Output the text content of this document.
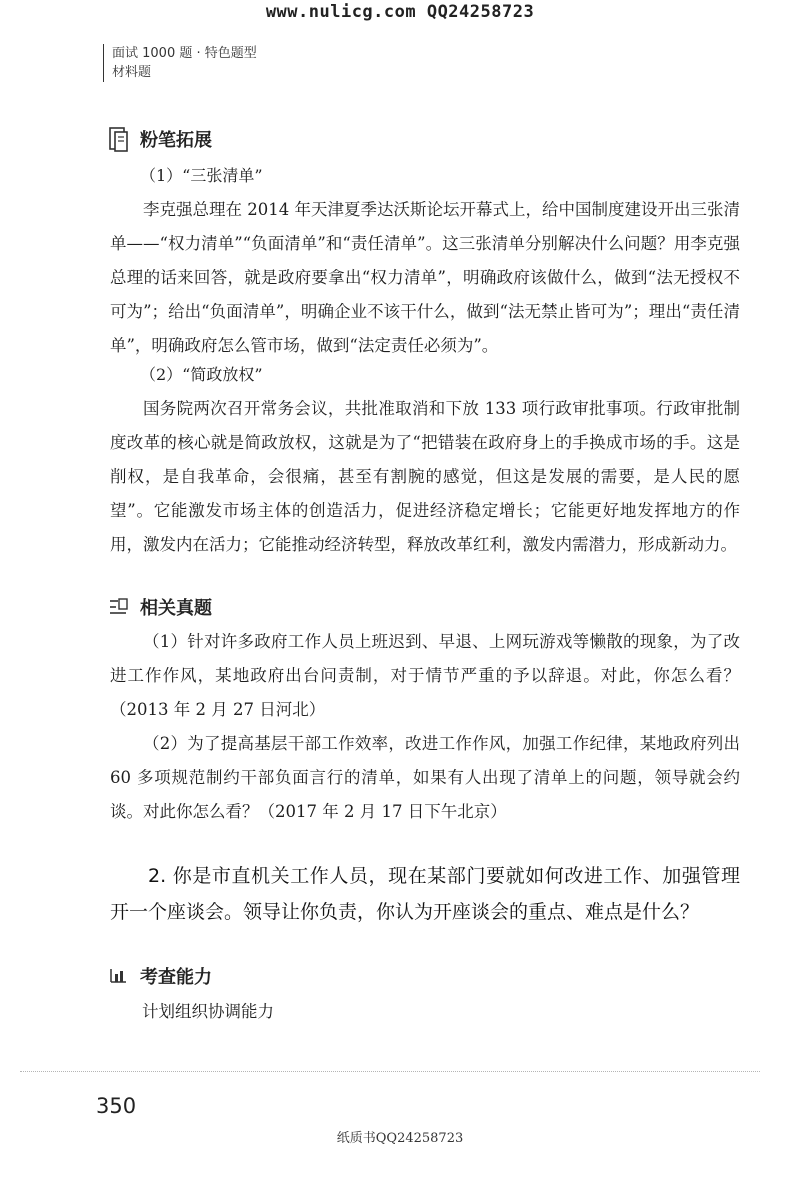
www.nulicg.com QQ24258723
面试 1000 题 · 特色题型
材料题
粉笔拓展
（1）“三张清单”
李克强总理在 2014 年天津夏季达沃斯论坛开幕式上，给中国制度建设开出三张清单——“权力清单”“负面清单”和“责任清单”。这三张清单分别解决什么问题？用李克强总理的话来回答，就是政府要拿出“权力清单”，明确政府该做什么，做到“法无授权不可为”；给出“负面清单”，明确企业不该干什么，做到“法无禁止皆可为”；理出“责任清单”，明确政府怎么管市场，做到“法定责任必须为”。
（2）“简政放权”
国务院两次召开常务会议，共批准取消和下放 133 项行政审批事项。行政审批制度改革的核心就是简政放权，这就是为了“把错装在政府身上的手换成市场的手。这是削权，是自我革命，会很痛，甚至有割腕的感觉，但这是发展的需要，是人民的愿望”。它能激发市场主体的创造活力，促进经济稳定增长；它能更好地发挥地方的作用，激发内在活力；它能推动经济转型，释放改革红利，激发内需潜力，形成新动力。
相关真题
（1）针对许多政府工作人员上班迟到、早退、上网玩游戏等懒散的现象，为了改进工作作风，某地政府出台问责制，对于情节严重的予以辞退。对此，你怎么看？（2013 年 2 月 27 日河北）
（2）为了提高基层干部工作效率，改进工作作风，加强工作纪律，某地政府列出 60 多项规范制约干部负面言行的清单，如果有人出现了清单上的问题，领导就会约谈。对此你怎么看？（2017 年 2 月 17 日下午北京）
2. 你是市直机关工作人员，现在某部门要就如何改进工作、加强管理开一个座谈会。领导让你负责，你认为开座谈会的重点、难点是什么？
考查能力
计划组织协调能力
350
纸质书QQ24258723
